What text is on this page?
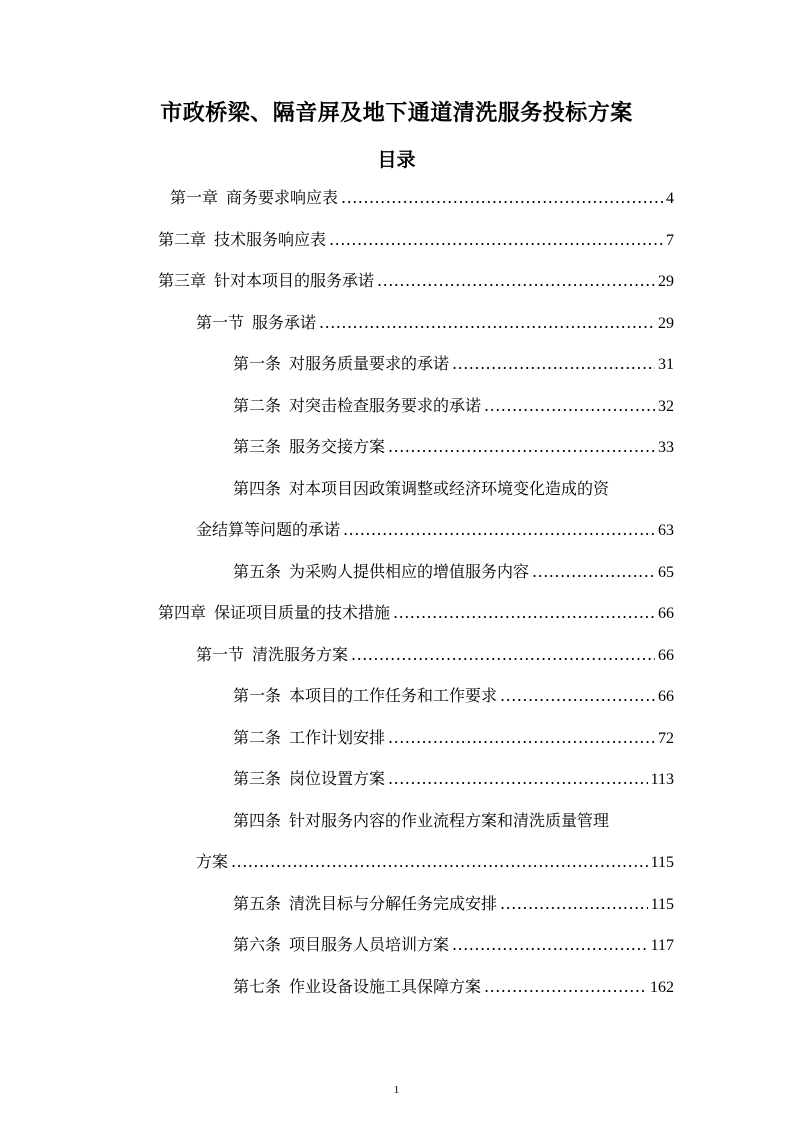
市政桥梁、隔音屏及地下通道清洗服务投标方案
目录
第一章 商务要求响应表 .....	4
第二章 技术服务响应表 .....	7
第三章 针对本项目的服务承诺 .....	29
第一节 服务承诺 .....	29
第一条 对服务质量要求的承诺 .....	31
第二条 对突击检查服务要求的承诺 .....	32
第三条 服务交接方案 .....	33
第四条 对本项目因政策调整或经济环境变化造成的资
金结算等问题的承诺 .....	63
第五条 为采购人提供相应的增值服务内容 .....	65
第四章 保证项目质量的技术措施 .....	66
第一节 清洗服务方案 .....	66
第一条 本项目的工作任务和工作要求 .....	66
第二条 工作计划安排 .....	72
第三条 岗位设置方案 .....	113
第四条 针对服务内容的作业流程方案和清洗质量管理
方案 .....	115
第五条 清洗目标与分解任务完成安排 .....	115
第六条 项目服务人员培训方案 .....	117
第七条 作业设备设施工具保障方案 .....	162
1
